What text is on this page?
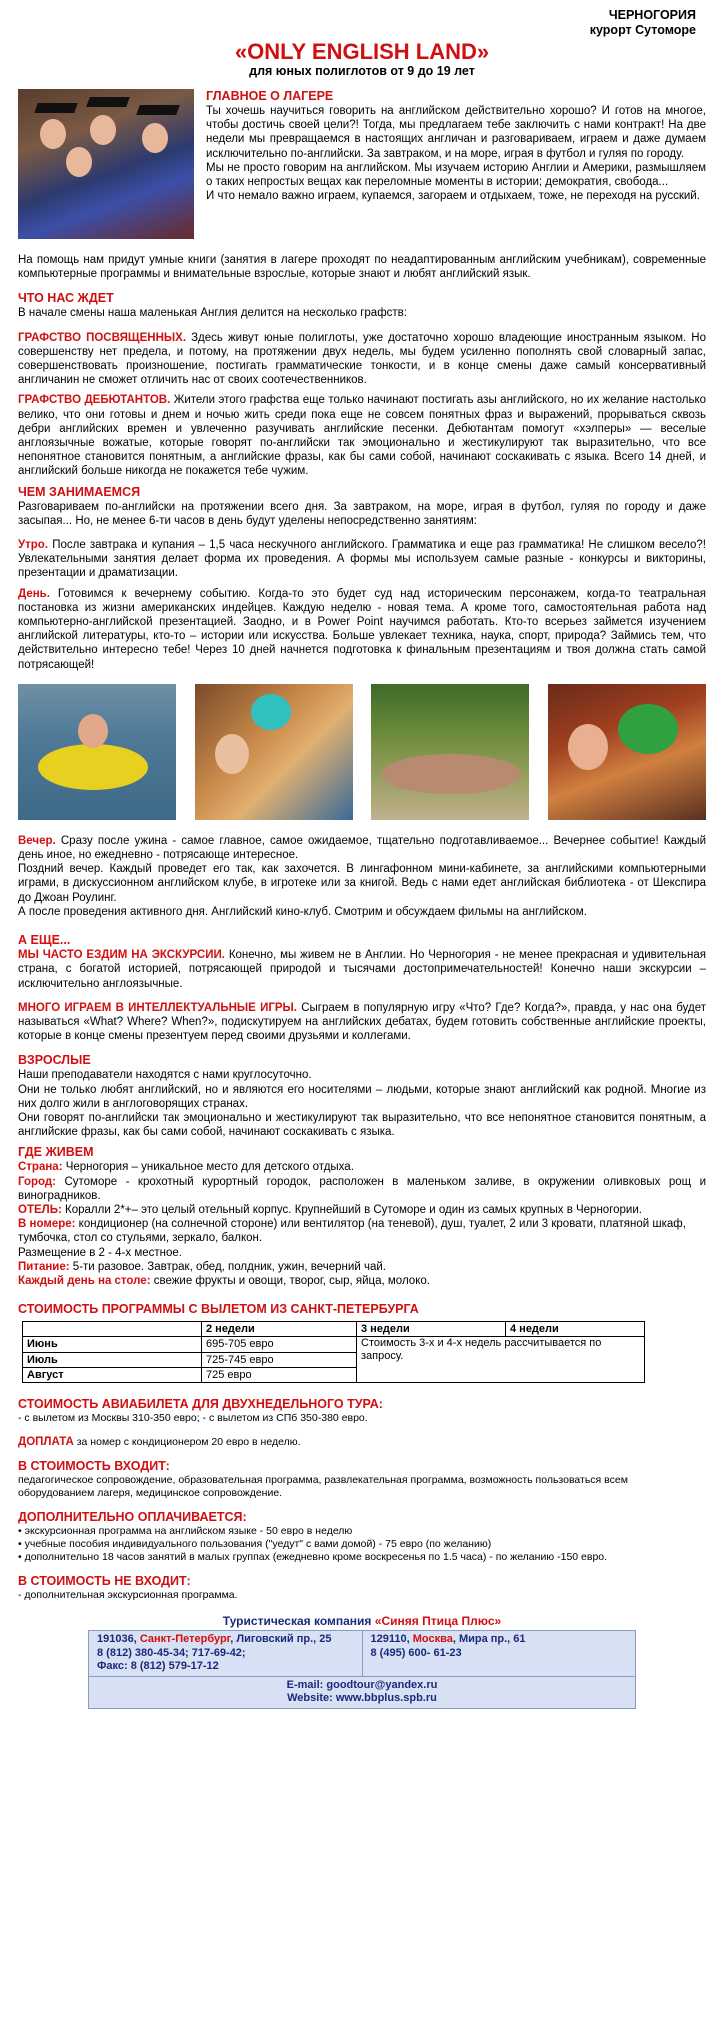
ЧЕРНОГОРИЯ
курорт Сутоморе
«ONLY ENGLISH LAND»
для юных полиглотов от 9 до 19 лет
ГЛАВНОЕ О ЛАГЕРЕ

Ты хочешь научиться говорить на английском действительно хорошо? И готов на многое, чтобы достичь своей цели?! Тогда, мы предлагаем тебе заключить с нами контракт! На две недели мы превращаемся в настоящих англичан и разговариваем, играем и даже думаем исключительно по-английски. За завтраком, и на море, играя в футбол и гуляя по городу.

Мы не просто говорим на английском. Мы изучаем историю Англии и Америки, размышляем о таких непростых вещах как переломные моменты в истории; демократия, свобода...

И что немало важно играем, купаемся, загораем и отдыхаем, тоже, не переходя на русский.

На помощь нам придут умные книги (занятия в лагере проходят по неадаптированным английским учебникам), современные компьютерные программы и внимательные взрослые, которые знают и любят английский язык.

ЧТО НАС ЖДЕТ

В начале смены наша маленькая Англия делится на несколько графств:

ГРАФСТВО ПОСВЯЩЕННЫХ. Здесь живут юные полиглоты, уже достаточно хорошо владеющие иностранным языком. Но совершенству нет предела, и потому, на протяжении двух недель, мы будем усиленно пополнять свой словарный запас, совершенствовать произношение, постигать грамматические тонкости, и в конце смены даже самый консервативный англичанин не сможет отличить нас от своих соотечественников.

ГРАФСТВО ДЕБЮТАНТОВ. Жители этого графства еще только начинают постигать азы английского, но их желание настолько велико, что они готовы и днем и ночью жить среди пока еще не совсем понятных фраз и выражений, прорываться сквозь дебри английских времен и увлеченно разучивать английские песенки. Дебютантам помогут «хэлперы» — веселые англоязычные вожатые, которые говорят по-английски так эмоционально и жестикулируют так выразительно, что все непонятное становится понятным, а английские фразы, как бы сами собой, начинают соскакивать с языка. Всего 14 дней, и английский больше никогда не покажется тебе чужим.

ЧЕМ ЗАНИМАЕМСЯ

Разговариваем по-английски на протяжении всего дня. За завтраком, на море, играя в футбол, гуляя по городу и даже засыпая... Но, не менее 6-ти часов в день будут уделены непосредственно занятиям:

Утро. После завтрака и купания – 1,5 часа нескучного английского. Грамматика и еще раз грамматика! Не слишком весело?! Увлекательными занятия делает форма их проведения. А формы мы используем самые разные - конкурсы и викторины, презентации и драматизации.

День. Готовимся к вечернему событию. Когда-то это будет суд над историческим персонажем, когда-то театральная постановка из жизни американских индейцев. Каждую неделю - новая тема. А кроме того, самостоятельная работа над компьютерно-английской презентацией. Заодно, и в Power Point научимся работать. Кто-то всерьез займется изучением английской литературы, кто-то – истории или искусства. Больше увлекает техника, наука, спорт, природа? Займись тем, что действительно интересно тебе! Через 10 дней начнется подготовка к финальным презентациям и твоя должна стать самой потрясающей!

Вечер. Сразу после ужина - самое главное, самое ожидаемое, тщательно подготавливаемое... Вечернее событие! Каждый день иное, но ежедневно - потрясающе интересное.

Поздний вечер. Каждый проведет его так, как захочется. В лингафонном мини-кабинете, за английскими компьютерными играми, в дискуссионном английском клубе, в игротеке или за книгой. Ведь с нами едет английская библиотека - от Шекспира до Джоан Роулинг.

А после проведения активного дня. Английский кино-клуб. Смотрим и обсуждаем фильмы на английском.

А ЕЩЕ...

МЫ ЧАСТО ЕЗДИМ НА ЭКСКУРСИИ. Конечно, мы живем не в Англии. Но Черногория - не менее прекрасная и удивительная страна, с богатой историей, потрясающей природой и тысячами достопримечательностей! Конечно наши экскурсии – исключительно англоязычные.

МНОГО ИГРАЕМ В ИНТЕЛЛЕКТУАЛЬНЫЕ ИГРЫ. Сыграем в популярную игру «Что? Где? Когда?», правда, у нас она будет называться «What? Where? When?», подискутируем на английских дебатах, будем готовить собственные английские проекты, которые в конце смены презентуем перед своими друзьями и коллегами.

ВЗРОСЛЫЕ

Наши преподаватели находятся с нами круглосуточно.

Они не только любят английский, но и являются его носителями – людьми, которые знают английский как родной. Многие из них долго жили в англоговорящих странах.

Они говорят по-английски так эмоционально и жестикулируют так выразительно, что все непонятное становится понятным, а английские фразы, как бы сами собой, начинают соскакивать с языка.

ГДЕ ЖИВЕМ

Страна: Черногория – уникальное место для детского отдыха.

Город: Сутоморе - крохотный курортный городок, расположен в маленьком заливе, в окружении оливковых рощ и виноградников.

ОТЕЛЬ: Коралли 2*+– это целый отельный корпус. Крупнейший в Сутоморе и один из самых крупных в Черногории.

В номере: кондиционер (на солнечной стороне) или вентилятор (на теневой), душ, туалет, 2 или 3 кровати, платяной шкаф, тумбочка, стол со стульями, зеркало, балкон.

Размещение в 2 - 4-х местное.

Питание: 5-ти разовое. Завтрак, обед, полдник, ужин, вечерний чай.

Каждый день на столе: свежие фрукты и овощи, творог, сыр, яйца, молоко.

СТОИМОСТЬ ПРОГРАММЫ С ВЫЛЕТОМ ИЗ САНКТ-ПЕТЕРБУРГА
	2 недели	3 недели	4 недели
Июнь	695-705 евро	Стоимость 3-х и 4-х недель рассчитывается по запросу.	
Июль	725-745 евро		
Август	725 евро		
СТОИМОСТЬ АВИАБИЛЕТА ДЛЯ ДВУХНЕДЕЛЬНОГО ТУРА:

- с вылетом из Москвы 310-350 евро; - с вылетом из СПб 350-380 евро.

ДОПЛАТА за номер с кондиционером 20 евро в неделю.

В СТОИМОСТЬ ВХОДИТ:

педагогическое сопровождение, образовательная программа, развлекательная программа, возможность пользоваться всем оборудованием лагеря, медицинское сопровождение.

ДОПОЛНИТЕЛЬНО ОПЛАЧИВАЕТСЯ:

• экскурсионная программа на английском языке - 50 евро в неделю

• учебные пособия индивидуального пользования ("уедут" с вами домой) - 75 евро (по желанию)

• дополнительно 18 часов занятий в малых группах (ежедневно кроме воскресенья по 1.5 часа) - по желанию -150 евро.

В СТОИМОСТЬ НЕ ВХОДИТ:

- дополнительная экскурсионная программа.

Туристическая компания «Синяя Птица Плюс»
191036, Санкт-Петербург, Лиговский пр., 25
8 (812) 380-45-34; 717-69-42;
Факс: 8 (812) 579-17-12
129110, Москва, Мира пр., 61
8 (495) 600- 61-23
E-mail: goodtour@yandex.ru
Website: www.bbplus.spb.ru
